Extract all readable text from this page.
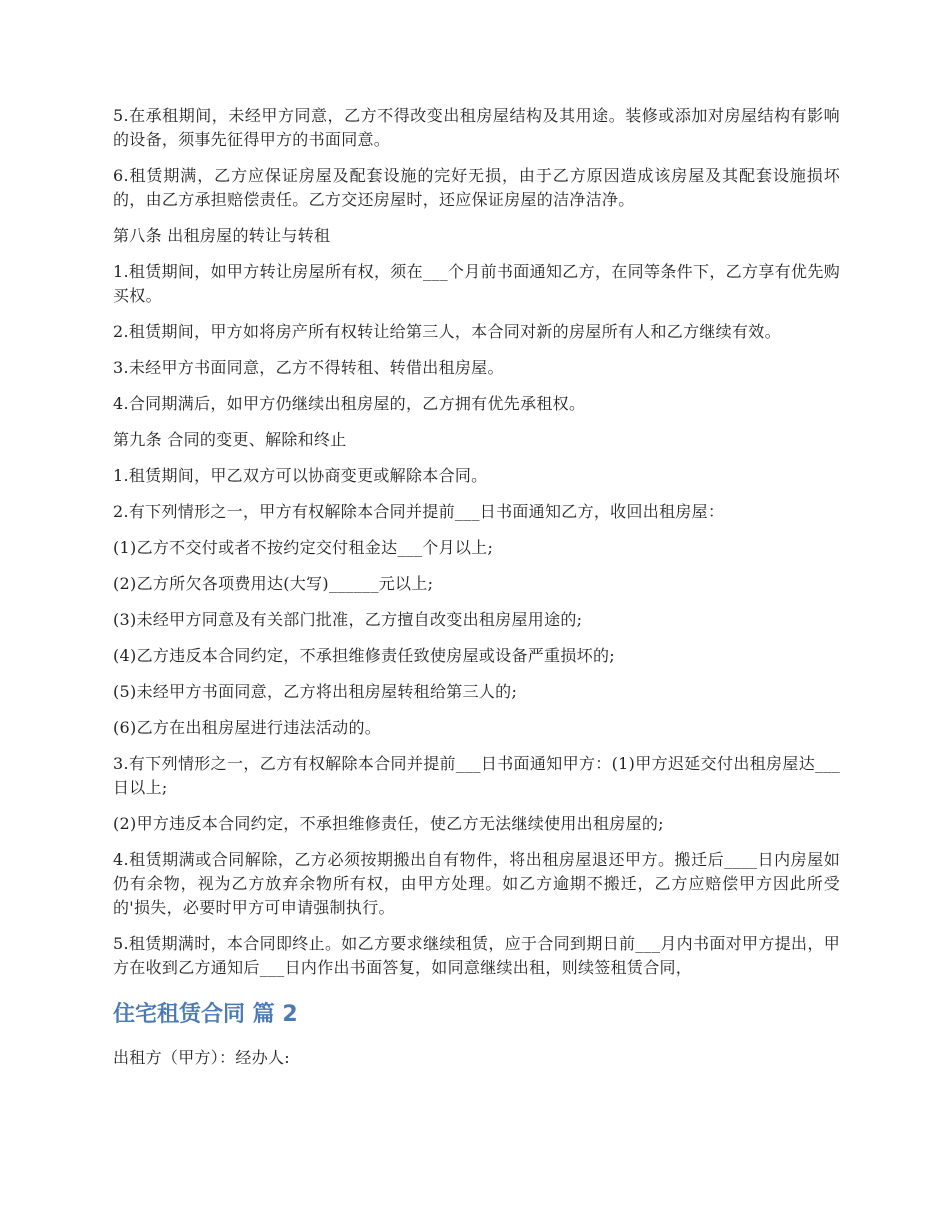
5.在承租期间，未经甲方同意，乙方不得改变出租房屋结构及其用途。装修或添加对房屋结构有影响的设备，须事先征得甲方的书面同意。

6.租赁期满，乙方应保证房屋及配套设施的完好无损，由于乙方原因造成该房屋及其配套设施损坏的，由乙方承担赔偿责任。乙方交还房屋时，还应保证房屋的洁净洁净。

第八条 出租房屋的转让与转租

1.租赁期间，如甲方转让房屋所有权，须在___个月前书面通知乙方，在同等条件下，乙方享有优先购买权。

2.租赁期间，甲方如将房产所有权转让给第三人，本合同对新的房屋所有人和乙方继续有效。

3.未经甲方书面同意，乙方不得转租、转借出租房屋。

4.合同期满后，如甲方仍继续出租房屋的，乙方拥有优先承租权。

第九条 合同的变更、解除和终止

1.租赁期间，甲乙双方可以协商变更或解除本合同。

2.有下列情形之一，甲方有权解除本合同并提前___日书面通知乙方，收回出租房屋：

(1)乙方不交付或者不按约定交付租金达___个月以上;

(2)乙方所欠各项费用达(大写)______元以上;

(3)未经甲方同意及有关部门批准，乙方擅自改变出租房屋用途的;

(4)乙方违反本合同约定，不承担维修责任致使房屋或设备严重损坏的;

(5)未经甲方书面同意，乙方将出租房屋转租给第三人的;

(6)乙方在出租房屋进行违法活动的。

3.有下列情形之一，乙方有权解除本合同并提前___日书面通知甲方：(1)甲方迟延交付出租房屋达___日以上;

(2)甲方违反本合同约定，不承担维修责任，使乙方无法继续使用出租房屋的;

4.租赁期满或合同解除，乙方必须按期搬出自有物件，将出租房屋退还甲方。搬迁后____日内房屋如仍有余物，视为乙方放弃余物所有权，由甲方处理。如乙方逾期不搬迁，乙方应赔偿甲方因此所受的'损失，必要时甲方可申请强制执行。

5.租赁期满时，本合同即终止。如乙方要求继续租赁，应于合同到期日前___月内书面对甲方提出，甲方在收到乙方通知后___日内作出书面答复，如同意继续出租，则续签租赁合同，

住宅租赁合同 篇 2

出租方（甲方）：经办人:
